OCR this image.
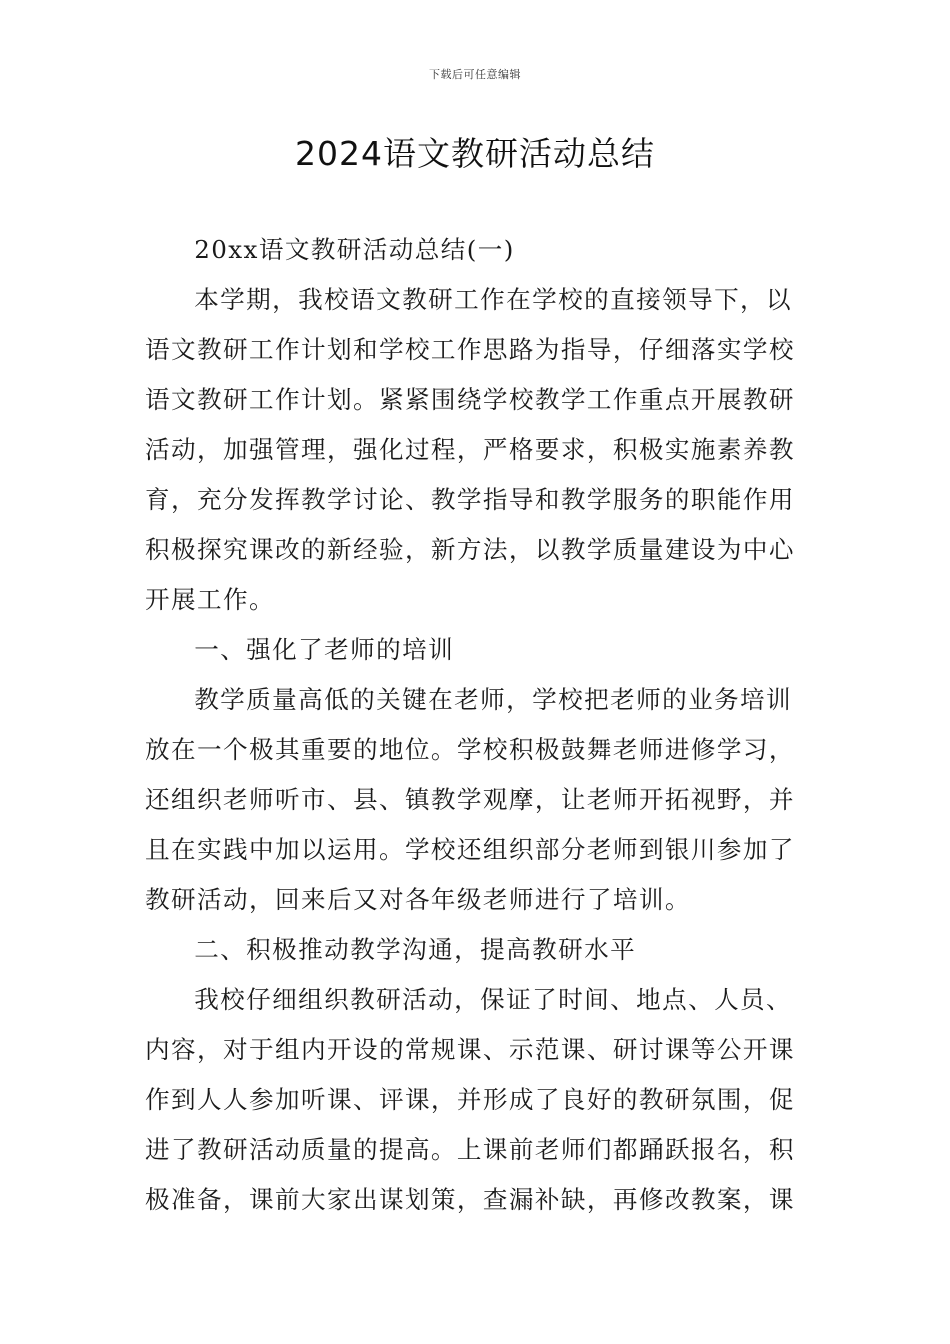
下载后可任意编辑
2024语文教研活动总结

20xx语文教研活动总结(一)

本学期，我校语文教研工作在学校的直接领导下，以语文教研工作计划和学校工作思路为指导，仔细落实学校语文教研工作计划。紧紧围绕学校教学工作重点开展教研活动，加强管理，强化过程，严格要求，积极实施素养教育，充分发挥教学讨论、教学指导和教学服务的职能作用积极探究课改的新经验，新方法，以教学质量建设为中心开展工作。

一、强化了老师的培训

教学质量高低的关键在老师，学校把老师的业务培训放在一个极其重要的地位。学校积极鼓舞老师进修学习，还组织老师听市、县、镇教学观摩，让老师开拓视野，并且在实践中加以运用。学校还组织部分老师到银川参加了教研活动，回来后又对各年级老师进行了培训。

二、积极推动教学沟通，提高教研水平

我校仔细组织教研活动，保证了时间、地点、人员、内容，对于组内开设的常规课、示范课、研讨课等公开课作到人人参加听课、评课，并形成了良好的教研氛围，促进了教研活动质量的提高。上课前老师们都踊跃报名，积极准备，课前大家出谋划策，查漏补缺，再修改教案，课
